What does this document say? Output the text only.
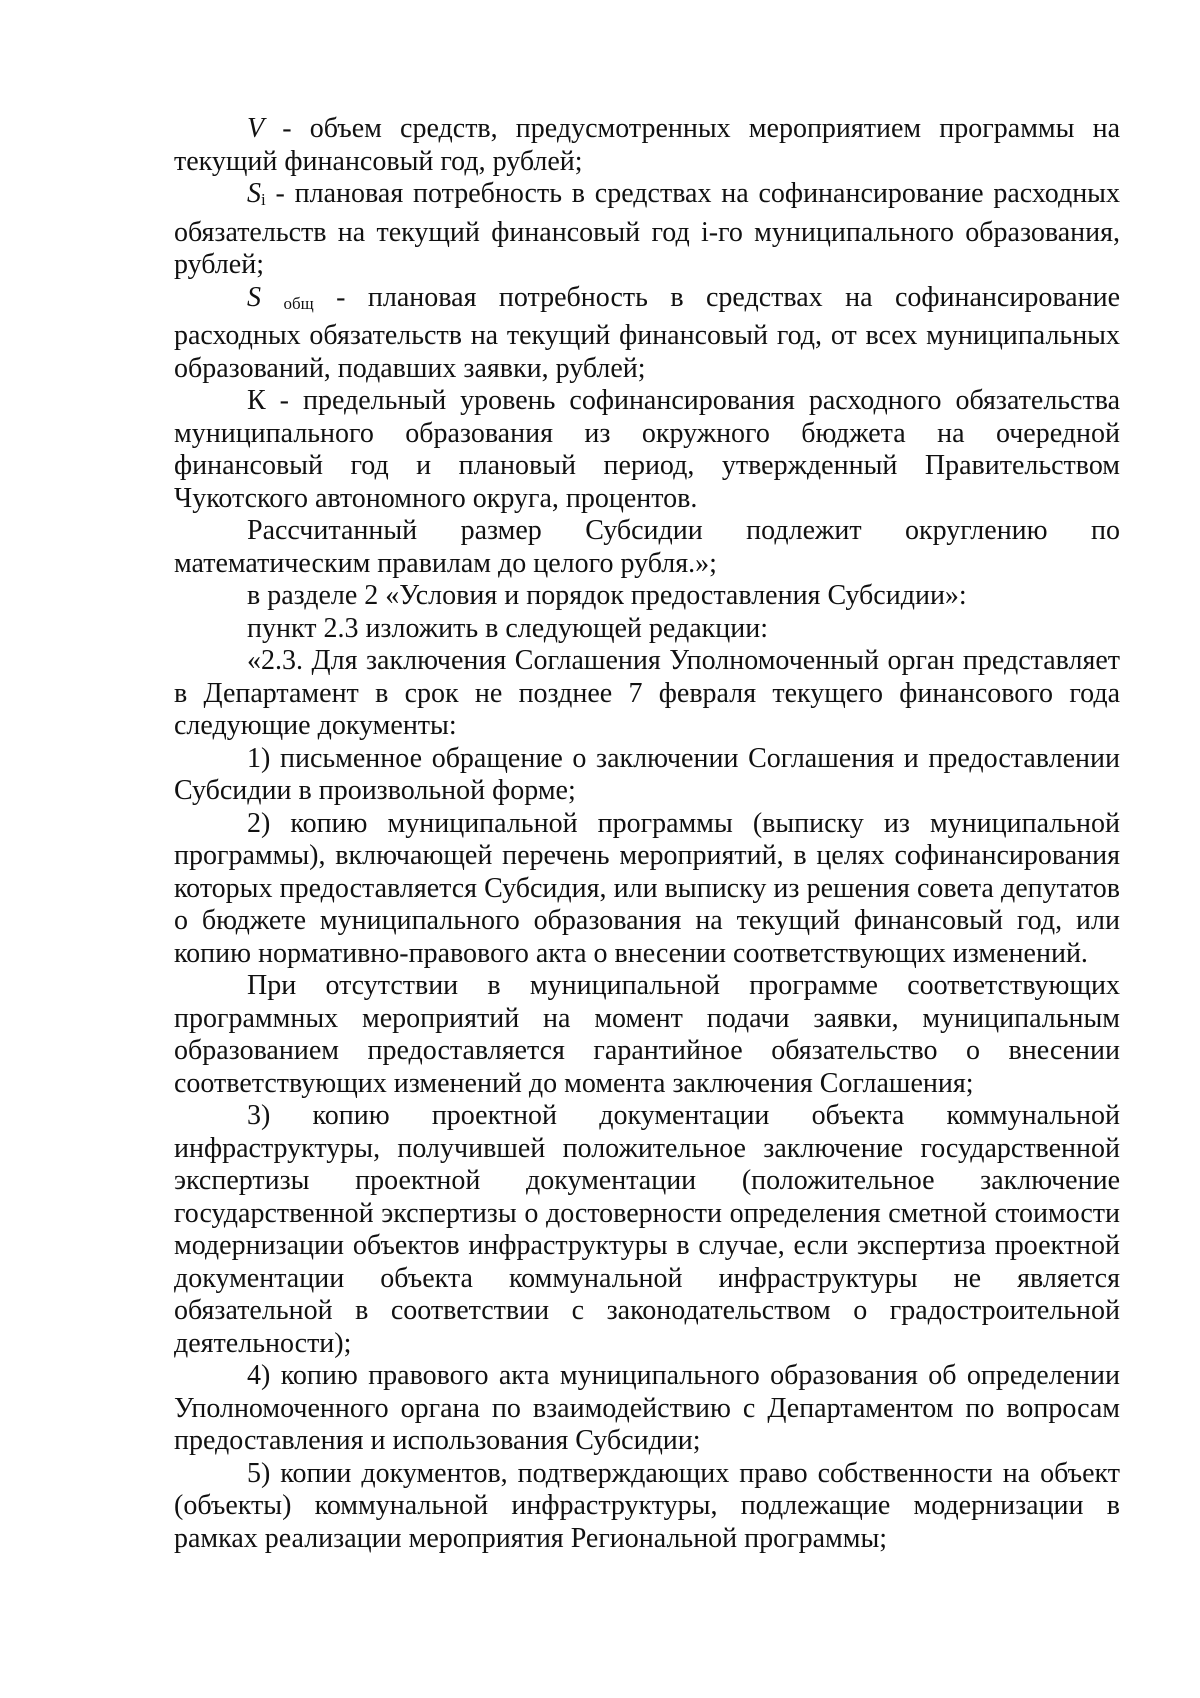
V - объем средств, предусмотренных мероприятием программы на текущий финансовый год, рублей;

Si - плановая потребность в средствах на софинансирование расходных обязательств на текущий финансовый год i-го муниципального образования, рублей;

S общ - плановая потребность в средствах на софинансирование расходных обязательств на текущий финансовый год, от всех муниципальных образований, подавших заявки, рублей;

К - предельный уровень софинансирования расходного обязательства муниципального образования из окружного бюджета на очередной финансовый год и плановый период, утвержденный Правительством Чукотского автономного округа, процентов.

Рассчитанный размер Субсидии подлежит округлению по математическим правилам до целого рубля.»;

в разделе 2 «Условия и порядок предоставления Субсидии»:

пункт 2.3 изложить в следующей редакции:

«2.3. Для заключения Соглашения Уполномоченный орган представляет в Департамент в срок не позднее 7 февраля текущего финансового года следующие документы:

1) письменное обращение о заключении Соглашения и предоставлении Субсидии в произвольной форме;

2) копию муниципальной программы (выписку из муниципальной программы), включающей перечень мероприятий, в целях софинансирования которых предоставляется Субсидия, или выписку из решения совета депутатов о бюджете муниципального образования на текущий финансовый год, или копию нормативно-правового акта о внесении соответствующих изменений.

При отсутствии в муниципальной программе соответствующих программных мероприятий на момент подачи заявки, муниципальным образованием предоставляется гарантийное обязательство о внесении соответствующих изменений до момента заключения Соглашения;

3) копию проектной документации объекта коммунальной инфраструктуры, получившей положительное заключение государственной экспертизы проектной документации (положительное заключение государственной экспертизы о достоверности определения сметной стоимости модернизации объектов инфраструктуры в случае, если экспертиза проектной документации объекта коммунальной инфраструктуры не является обязательной в соответствии с законодательством о градостроительной деятельности);

4) копию правового акта муниципального образования об определении Уполномоченного органа по взаимодействию с Департаментом по вопросам предоставления и использования Субсидии;

5) копии документов, подтверждающих право собственности на объект (объекты) коммунальной инфраструктуры, подлежащие модернизации в рамках реализации мероприятия Региональной программы;
